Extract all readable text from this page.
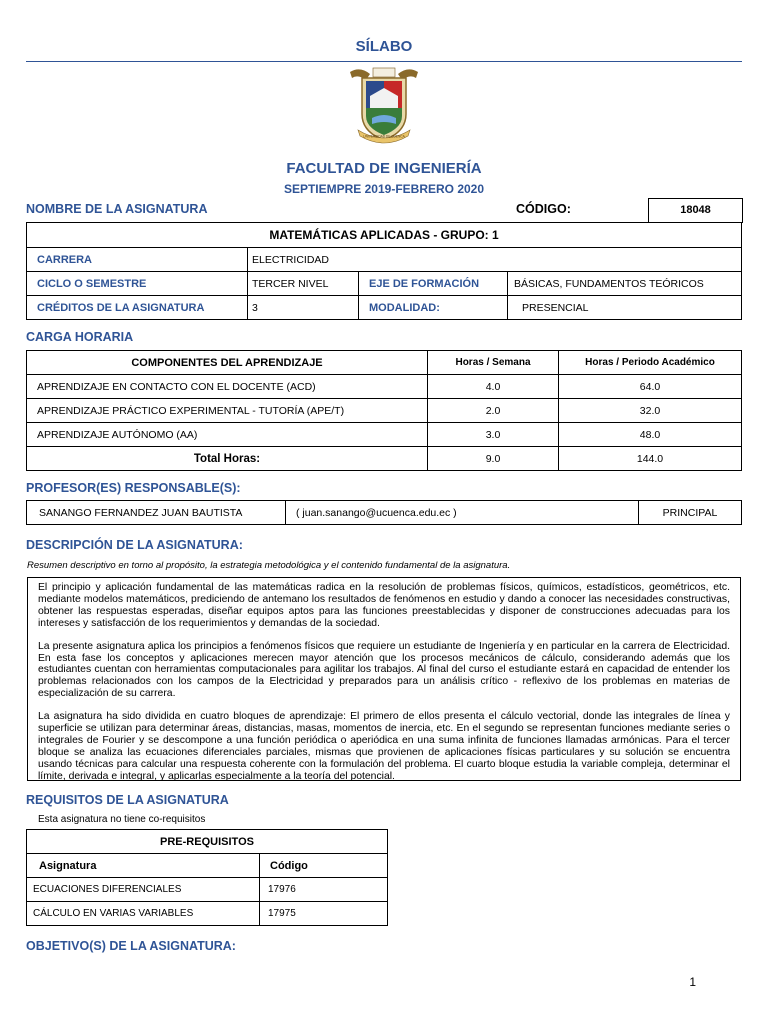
SÍLABO
UNIVERSIDAD DE CUENCA
FACULTAD DE INGENIERÍA
SEPTIEMPRE 2019-FEBRERO 2020
NOMBRE DE LA ASIGNATURA	CÓDIGO:	18048
MATEMÁTICAS APLICADAS - GRUPO: 1			
CARRERA	ELECTRICIDAD		
CICLO O SEMESTRE	TERCER NIVEL	EJE DE FORMACIÓN	BÁSICAS, FUNDAMENTOS TEÓRICOS
CRÉDITOS DE LA ASIGNATURA	3	MODALIDAD:	PRESENCIAL
CARGA HORARIA
COMPONENTES DEL APRENDIZAJE	Horas / Semana	Horas / Periodo Académico
APRENDIZAJE EN CONTACTO CON EL DOCENTE (ACD)	4.0	64.0
APRENDIZAJE PRÁCTICO EXPERIMENTAL - TUTORÍA (APE/T)	2.0	32.0
APRENDIZAJE AUTÓNOMO (AA)	3.0	48.0
Total Horas:	9.0	144.0
PROFESOR(ES) RESPONSABLE(S):
SANANGO FERNANDEZ JUAN BAUTISTA	( juan.sanango@ucuenca.edu.ec )	PRINCIPAL
DESCRIPCIÓN DE LA ASIGNATURA:
Resumen descriptivo en torno al propósito, la estrategia metodológica y el contenido fundamental de la asignatura.

El principio y aplicación fundamental de las matemáticas radica en la resolución de problemas físicos, químicos, estadísticos, geométricos, etc. mediante modelos matemáticos, prediciendo de antemano los resultados de fenómenos en estudio y dando a conocer las necesidades constructivas, obtener las respuestas esperadas, diseñar equipos aptos para las funciones preestablecidas y disponer de construcciones adecuadas para los intereses y satisfacción de los requerimientos y demandas de la sociedad.

La presente asignatura aplica los principios a fenómenos físicos que requiere un estudiante de Ingeniería y en particular en la carrera de Electricidad. En esta fase los conceptos y aplicaciones merecen mayor atención que los procesos mecánicos de cálculo, considerando además que los estudiantes cuentan con herramientas computacionales para agilitar los trabajos. Al final del curso el estudiante estará en capacidad de entender los problemas relacionados con los campos de la Electricidad y preparados para un análisis crítico - reflexivo de los problemas en materias de especialización de su carrera.

La asignatura ha sido dividida en cuatro bloques de aprendizaje: El primero de ellos presenta el cálculo vectorial, donde las integrales de línea y superficie se utilizan para determinar áreas, distancias, masas, momentos de inercia, etc. En el segundo se representan funciones mediante series o integrales de Fourier y se descompone a una función periódica o aperiódica en una suma infinita de funciones llamadas armónicas. Para el tercer bloque se analiza las ecuaciones diferenciales parciales, mismas que provienen de aplicaciones físicas particulares y su solución se encuentra usando técnicas para calcular una respuesta coherente con la formulación del problema. El cuarto bloque estudia la variable compleja, determinar el límite, derivada e integral, y aplicarlas especialmente a la teoría del potencial.

REQUISITOS DE LA ASIGNATURA
Esta asignatura no tiene co-requisitos
PRE-REQUISITOS	
Asignatura	Código
ECUACIONES DIFERENCIALES	17976
CÁLCULO EN VARIAS VARIABLES	17975
OBJETIVO(S) DE LA ASIGNATURA:
1
